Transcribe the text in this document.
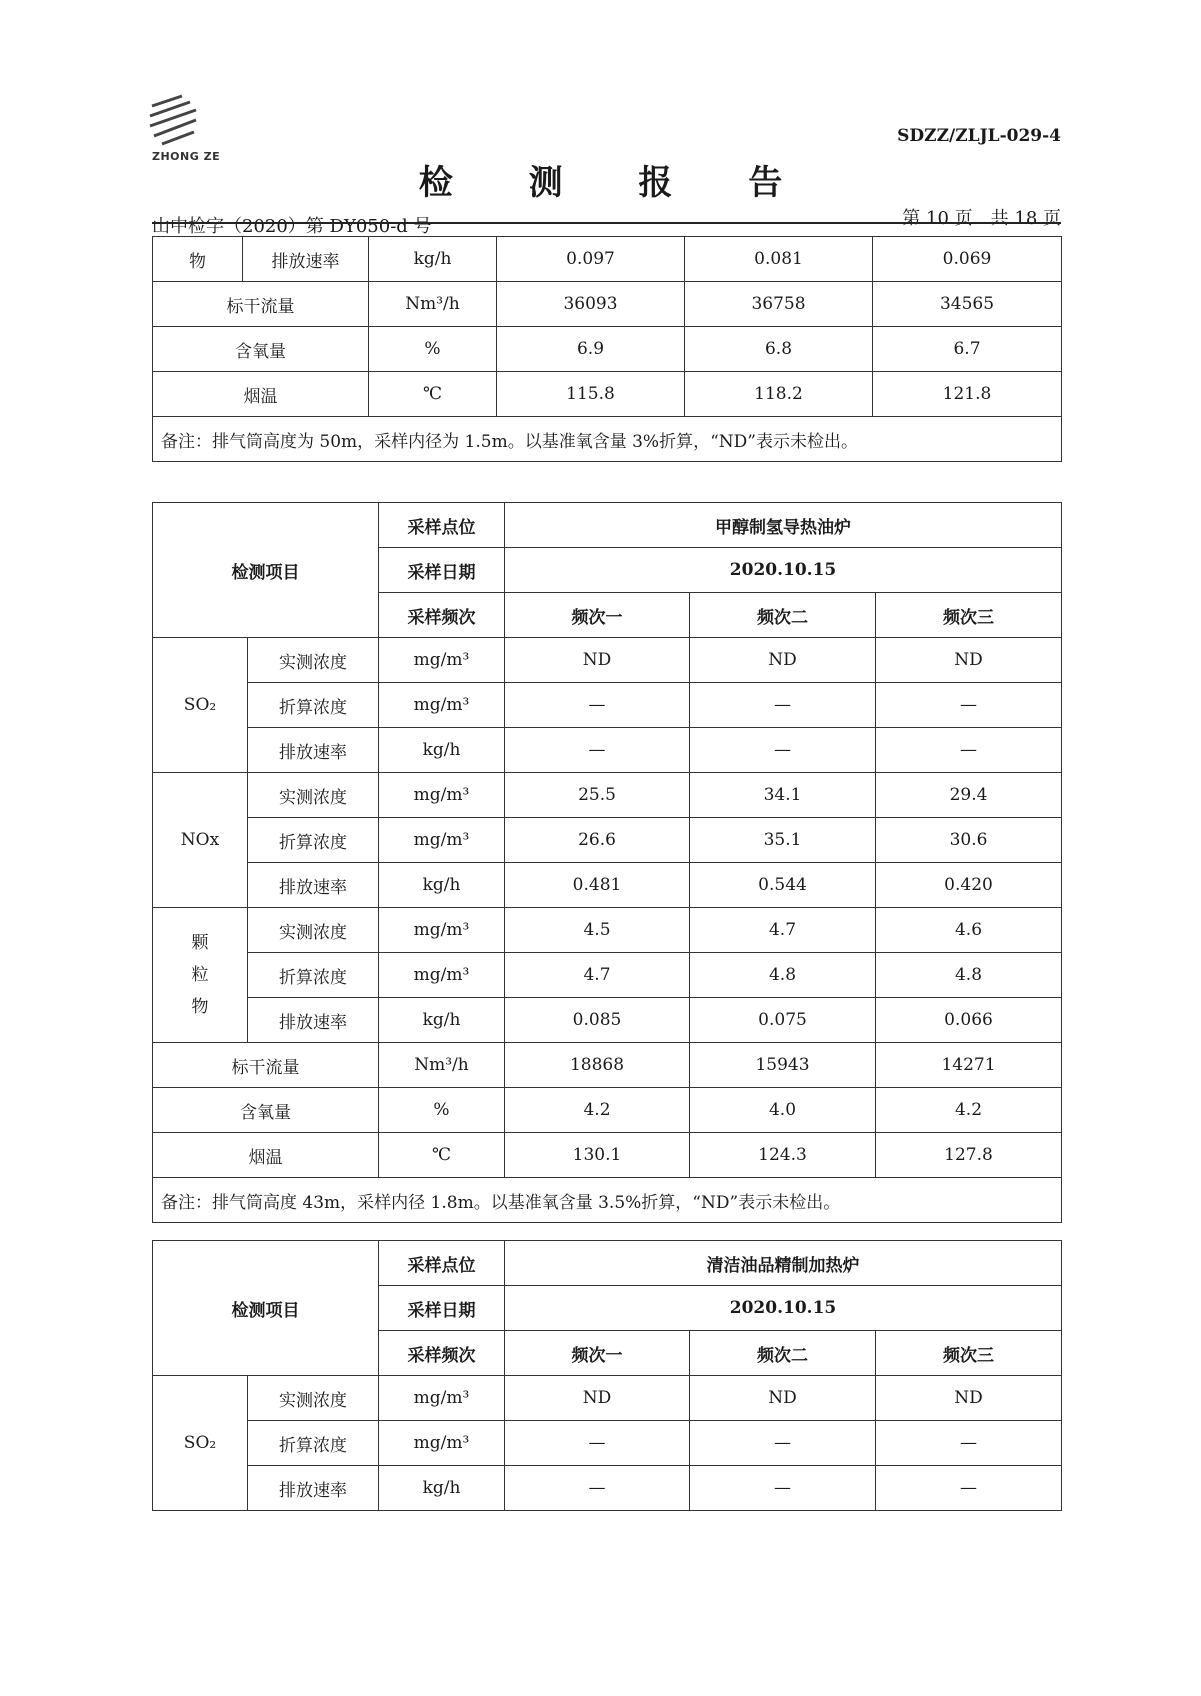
ZHONG ZE
SDZZ/ZLJL-029-4
检 测 报 告
山中检字（2020）第 DY050-d 号	第 10 页　共 18 页
物	排放速率	kg/h	0.097	0.081	0.069
标干流量		Nm³/h	36093	36758	34565
含氧量		%	6.9	6.8	6.7
烟温		℃	115.8	118.2	121.8
备注：排气筒高度为 50m，采样内径为 1.5m。以基准氧含量 3%折算，“ND”表示未检出。					
检测项目		采样点位	甲醇制氢导热油炉		
		采样日期	2020.10.15		
		采样频次	频次一	频次二	频次三
SO₂	实测浓度	mg/m³	ND	ND	ND
	折算浓度	mg/m³	—	—	—
	排放速率	kg/h	—	—	—
NOx	实测浓度	mg/m³	25.5	34.1	29.4
	折算浓度	mg/m³	26.6	35.1	30.6
	排放速率	kg/h	0.481	0.544	0.420

颗
粒
物	实测浓度	mg/m³	4.5	4.7	4.6
	折算浓度	mg/m³	4.7	4.8	4.8
	排放速率	kg/h	0.085	0.075	0.066
标干流量		Nm³/h	18868	15943	14271
含氧量		%	4.2	4.0	4.2
烟温		℃	130.1	124.3	127.8
备注：排气筒高度 43m，采样内径 1.8m。以基准氧含量 3.5%折算，“ND”表示未检出。					
检测项目		采样点位	清洁油品精制加热炉		
		采样日期	2020.10.15		
		采样频次	频次一	频次二	频次三
SO₂	实测浓度	mg/m³	ND	ND	ND
	折算浓度	mg/m³	—	—	—
	排放速率	kg/h	—	—	—
